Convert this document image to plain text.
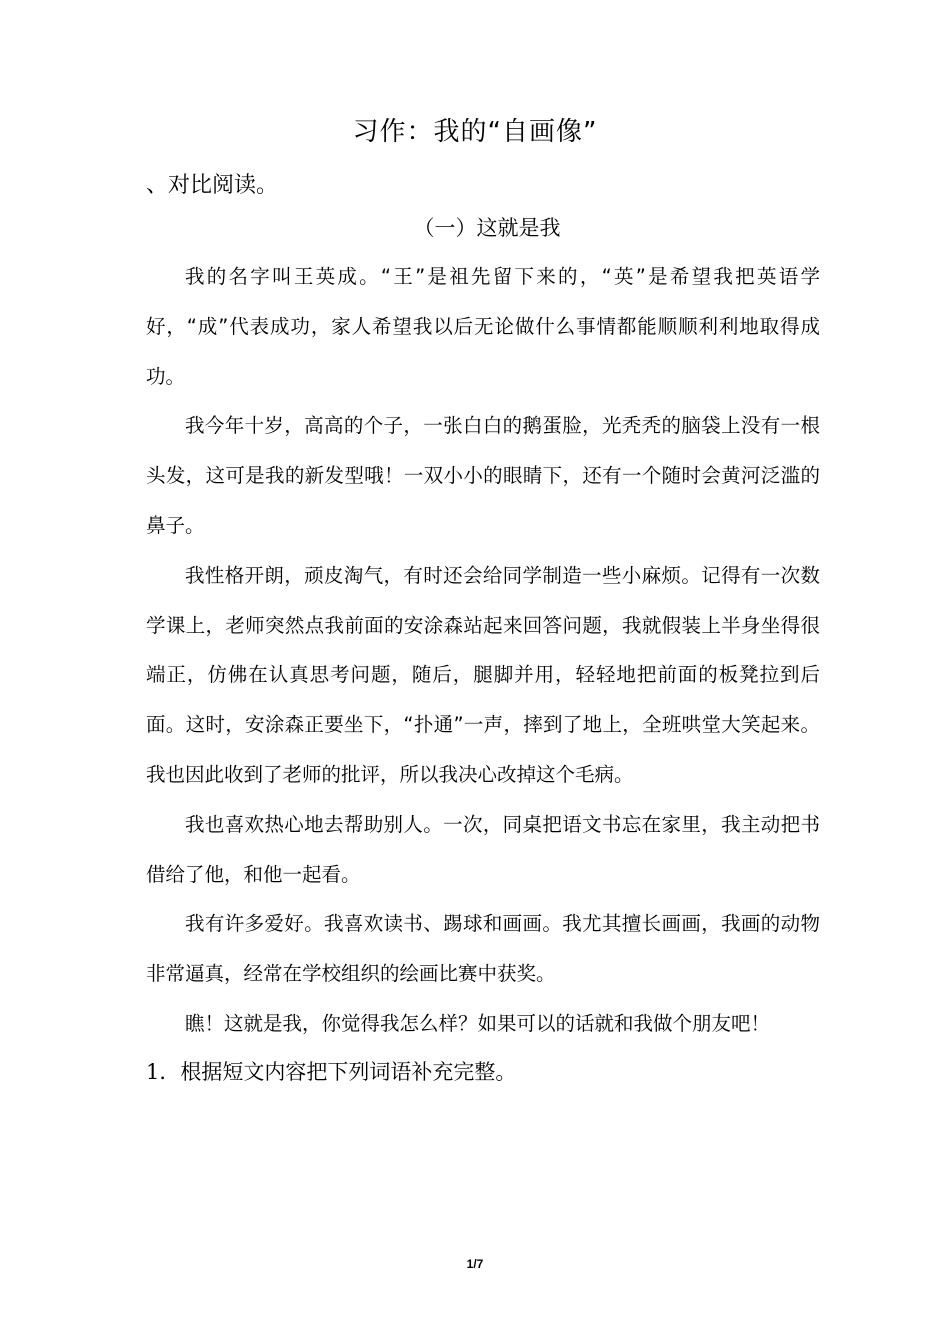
习作：我的“自画像”
、对比阅读。
（一）这就是我

我的名字叫王英成。“王”是祖先留下来的，“英”是希望我把英语学好，“成”代表成功，家人希望我以后无论做什么事情都能顺顺利利地取得成功。

我今年十岁，高高的个子，一张白白的鹅蛋脸，光秃秃的脑袋上没有一根头发，这可是我的新发型哦！一双小小的眼睛下，还有一个随时会黄河泛滥的鼻子。

我性格开朗，顽皮淘气，有时还会给同学制造一些小麻烦。记得有一次数学课上，老师突然点我前面的安涂森站起来回答问题，我就假装上半身坐得很端正，仿佛在认真思考问题，随后，腿脚并用，轻轻地把前面的板凳拉到后面。这时，安涂森正要坐下，“扑通”一声，摔到了地上，全班哄堂大笑起来。我也因此收到了老师的批评，所以我决心改掉这个毛病。

我也喜欢热心地去帮助别人。一次，同桌把语文书忘在家里，我主动把书借给了他，和他一起看。

我有许多爱好。我喜欢读书、踢球和画画。我尤其擅长画画，我画的动物非常逼真，经常在学校组织的绘画比赛中获奖。

瞧！这就是我，你觉得我怎么样？如果可以的话就和我做个朋友吧！

1．根据短文内容把下列词语补充完整。
1/7
